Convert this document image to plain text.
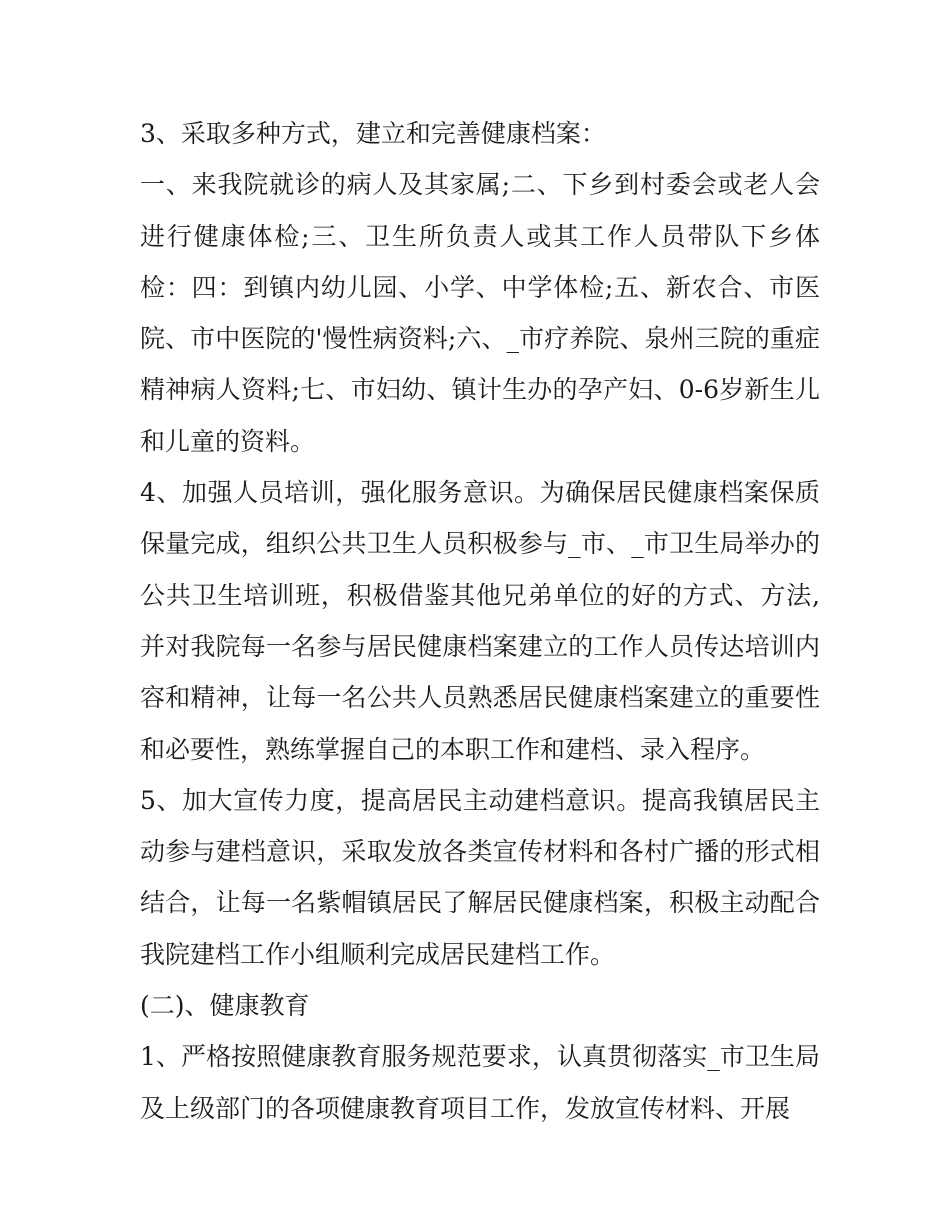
3、采取多种方式，建立和完善健康档案：

一、来我院就诊的病人及其家属;二、下乡到村委会或老人会进行健康体检;三、卫生所负责人或其工作人员带队下乡体检：四：到镇内幼儿园、小学、中学体检;五、新农合、市医院、市中医院的'慢性病资料;六、_市疗养院、泉州三院的重症精神病人资料;七、市妇幼、镇计生办的孕产妇、0-6岁新生儿和儿童的资料。

4、加强人员培训，强化服务意识。为确保居民健康档案保质保量完成，组织公共卫生人员积极参与_市、_市卫生局举办的公共卫生培训班，积极借鉴其他兄弟单位的好的方式、方法,并对我院每一名参与居民健康档案建立的工作人员传达培训内容和精神，让每一名公共人员熟悉居民健康档案建立的重要性和必要性，熟练掌握自己的本职工作和建档、录入程序。

5、加大宣传力度，提高居民主动建档意识。提高我镇居民主动参与建档意识，采取发放各类宣传材料和各村广播的形式相结合，让每一名紫帽镇居民了解居民健康档案，积极主动配合我院建档工作小组顺利完成居民建档工作。

(二)、健康教育

1、严格按照健康教育服务规范要求，认真贯彻落实_市卫生局及上级部门的各项健康教育项目工作，发放宣传材料、开展
